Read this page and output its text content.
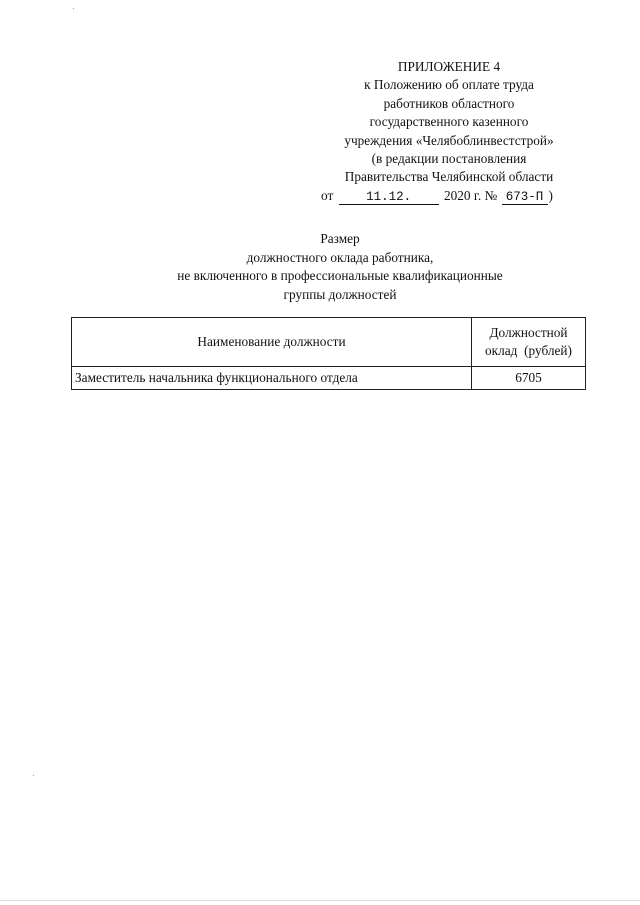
ПРИЛОЖЕНИЕ 4
к Положению об оплате труда
работников областного
государственного казенного
учреждения «Челябоблинвестстрой»
(в редакции постановления
Правительства Челябинской области
от	11.12. 2020 г. № 673-П )
Размер
должностного оклада работника,
не включенного в профессиональные квалификационные
группы должностей
Наименование должности	Должностной
оклад  (рублей)

Заместитель начальника функционального отдела	6705
